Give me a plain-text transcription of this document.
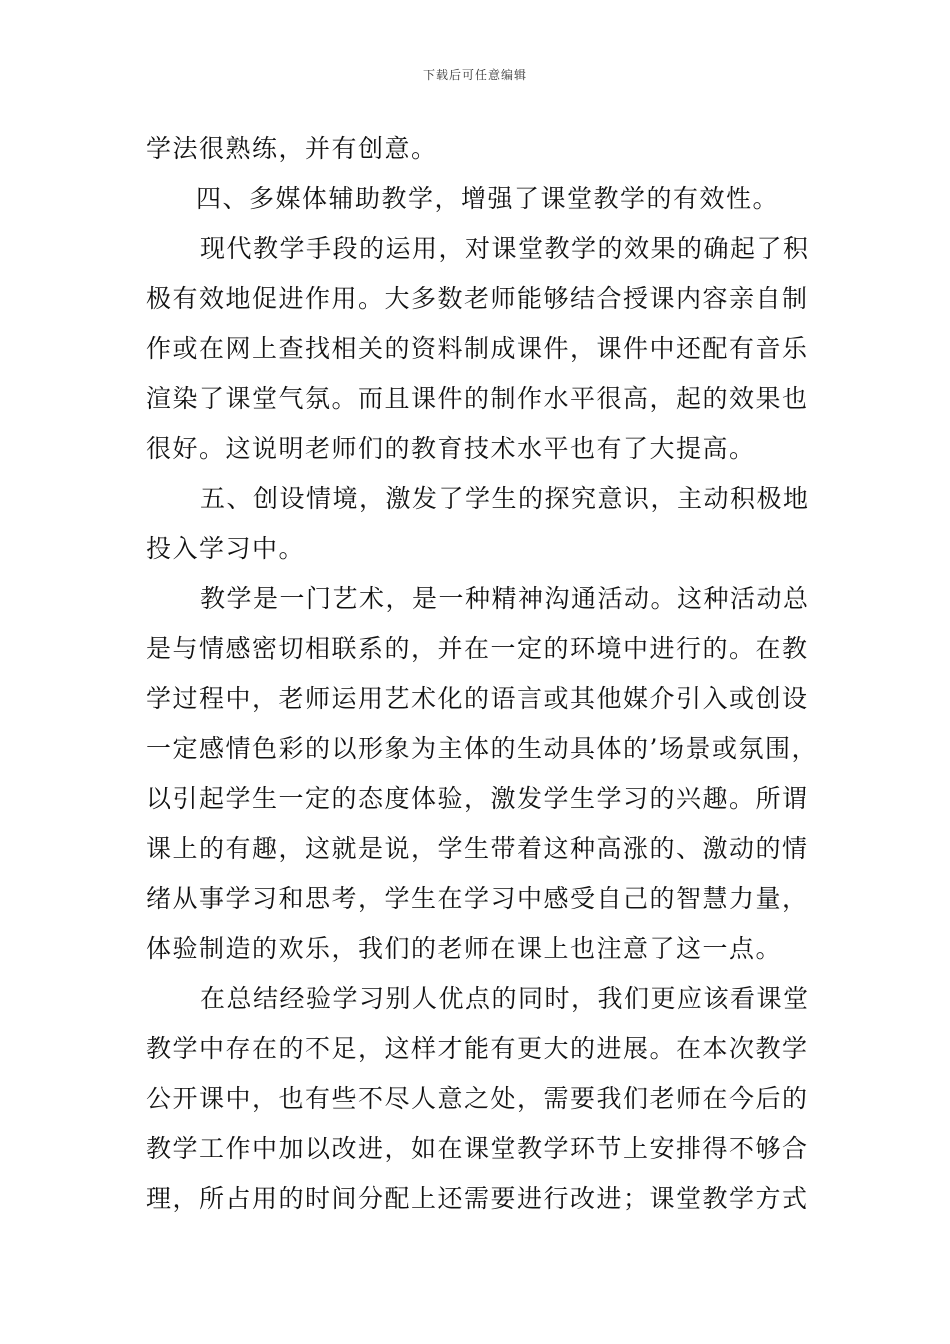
下载后可任意编辑
学法很熟练，并有创意。
四、多媒体辅助教学，增强了课堂教学的有效性。
现代教学手段的运用，对课堂教学的效果的确起了积
极有效地促进作用。大多数老师能够结合授课内容亲自制
作或在网上查找相关的资料制成课件，课件中还配有音乐
渲染了课堂气氛。而且课件的制作水平很高，起的效果也
很好。这说明老师们的教育技术水平也有了大提高。
五、创设情境，激发了学生的探究意识，主动积极地
投入学习中。
教学是一门艺术，是一种精神沟通活动。这种活动总
是与情感密切相联系的，并在一定的环境中进行的。在教
学过程中，老师运用艺术化的语言或其他媒介引入或创设
一定感情色彩的以形象为主体的生动具体的’场景或氛围，
以引起学生一定的态度体验，激发学生学习的兴趣。所谓
课上的有趣，这就是说，学生带着这种高涨的、激动的情
绪从事学习和思考，学生在学习中感受自己的智慧力量，
体验制造的欢乐，我们的老师在课上也注意了这一点。
在总结经验学习别人优点的同时，我们更应该看课堂
教学中存在的不足，这样才能有更大的进展。在本次教学
公开课中，也有些不尽人意之处，需要我们老师在今后的
教学工作中加以改进，如在课堂教学环节上安排得不够合
理，所占用的时间分配上还需要进行改进；课堂教学方式
